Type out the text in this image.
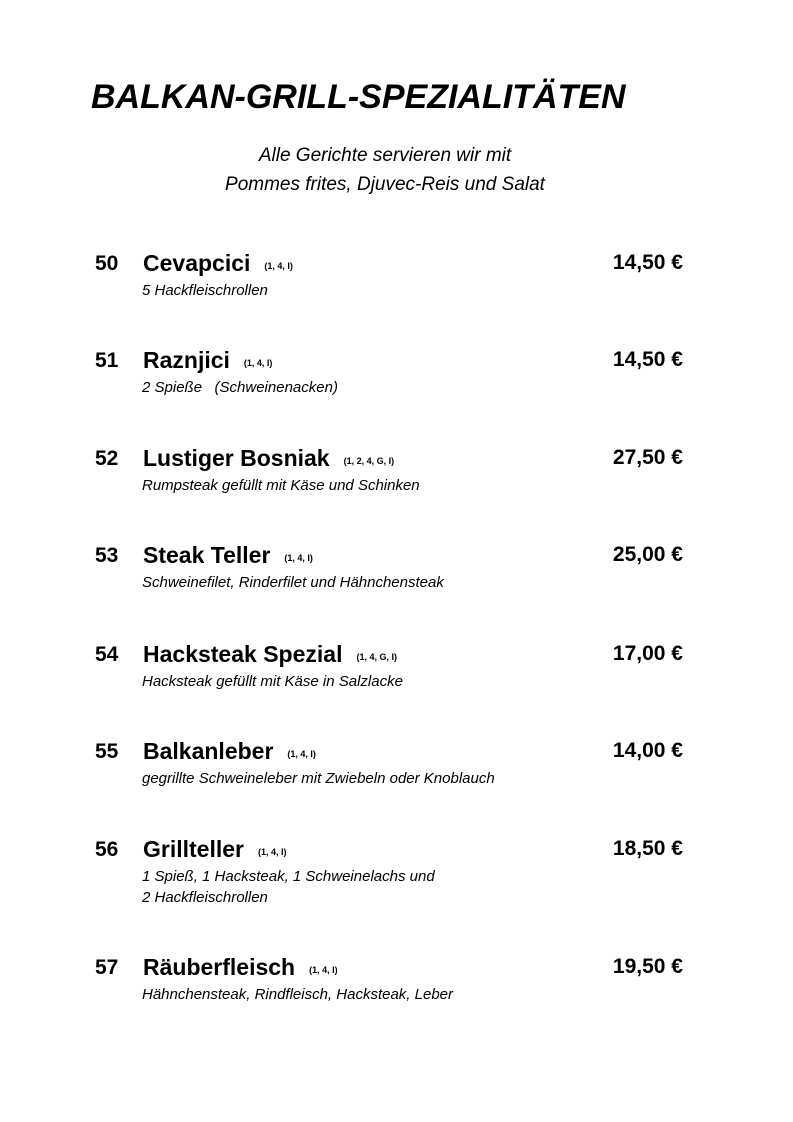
BALKAN-GRILL-SPEZIALITÄTEN
Alle Gerichte servieren wir mit
Pommes frites, Djuvec-Reis und Salat
50 Cevapcici (1, 4, I)
5 Hackfleischrollen
14,50 €
51 Raznjici (1, 4, I)
2 Spieße   (Schweinenacken)
14,50 €
52 Lustiger Bosniak (1, 2, 4, G, I)
Rumpsteak gefüllt mit Käse und Schinken
27,50 €
53 Steak Teller (1, 4, I)
Schweinefilet, Rinderfilet und Hähnchensteak
25,00 €
54 Hacksteak Spezial (1, 4, G, I)
Hacksteak gefüllt mit Käse in Salzlacke
17,00 €
55 Balkanleber (1, 4, I)
gegrillte Schweineleber mit Zwiebeln oder Knoblauch
14,00 €
56 Grillteller (1, 4, I)
1 Spieß, 1 Hacksteak, 1 Schweinelachs und
2 Hackfleischrollen
18,50 €
57 Räuberfleisch (1, 4, I)
Hähnchensteak, Rindfleisch, Hacksteak, Leber
19,50 €
